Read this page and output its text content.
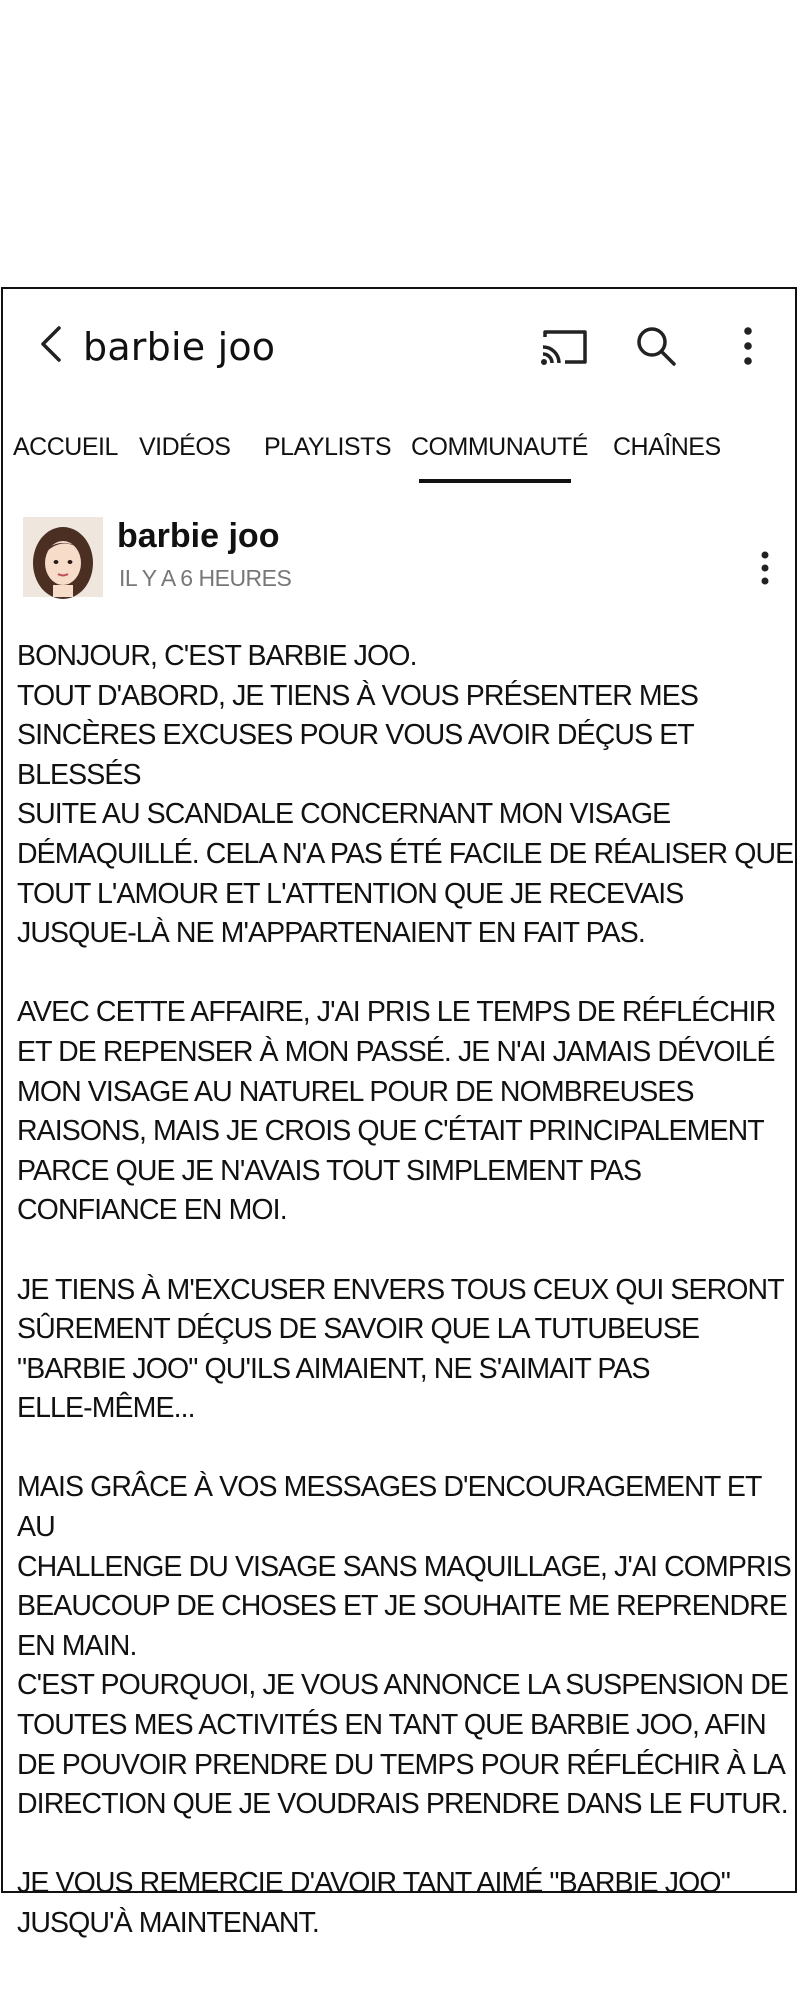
barbie joo
ACCUEIL VIDÉOS PLAYLISTS COMMUNAUTÉ CHAÎNES
barbie joo
IL Y A 6 HEURES

BONJOUR, C'EST BARBIE JOO.
TOUT D'ABORD, JE TIENS À VOUS PRÉSENTER MES
SINCÈRES EXCUSES POUR VOUS AVOIR DÉÇUS ET BLESSÉS
SUITE AU SCANDALE CONCERNANT MON VISAGE
DÉMAQUILLÉ. CELA N'A PAS ÉTÉ FACILE DE RÉALISER QUE
TOUT L'AMOUR ET L'ATTENTION QUE JE RECEVAIS
JUSQUE-LÀ NE M'APPARTENAIENT EN FAIT PAS.

AVEC CETTE AFFAIRE, J'AI PRIS LE TEMPS DE RÉFLÉCHIR
ET DE REPENSER À MON PASSÉ. JE N'AI JAMAIS DÉVOILÉ
MON VISAGE AU NATUREL POUR DE NOMBREUSES
RAISONS, MAIS JE CROIS QUE C'ÉTAIT PRINCIPALEMENT
PARCE QUE JE N'AVAIS TOUT SIMPLEMENT PAS
CONFIANCE EN MOI.

JE TIENS À M'EXCUSER ENVERS TOUS CEUX QUI SERONT
SÛREMENT DÉÇUS DE SAVOIR QUE LA TUTUBEUSE
"BARBIE JOO" QU'ILS AIMAIENT, NE S'AIMAIT PAS
ELLE-MÊME...

MAIS GRÂCE À VOS MESSAGES D'ENCOURAGEMENT ET AU
CHALLENGE DU VISAGE SANS MAQUILLAGE, J'AI COMPRIS
BEAUCOUP DE CHOSES ET JE SOUHAITE ME REPRENDRE
EN MAIN.
C'EST POURQUOI, JE VOUS ANNONCE LA SUSPENSION DE
TOUTES MES ACTIVITÉS EN TANT QUE BARBIE JOO, AFIN
DE POUVOIR PRENDRE DU TEMPS POUR RÉFLÉCHIR À LA
DIRECTION QUE JE VOUDRAIS PRENDRE DANS LE FUTUR.

JE VOUS REMERCIE D'AVOIR TANT AIMÉ "BARBIE JOO"
JUSQU'À MAINTENANT.
